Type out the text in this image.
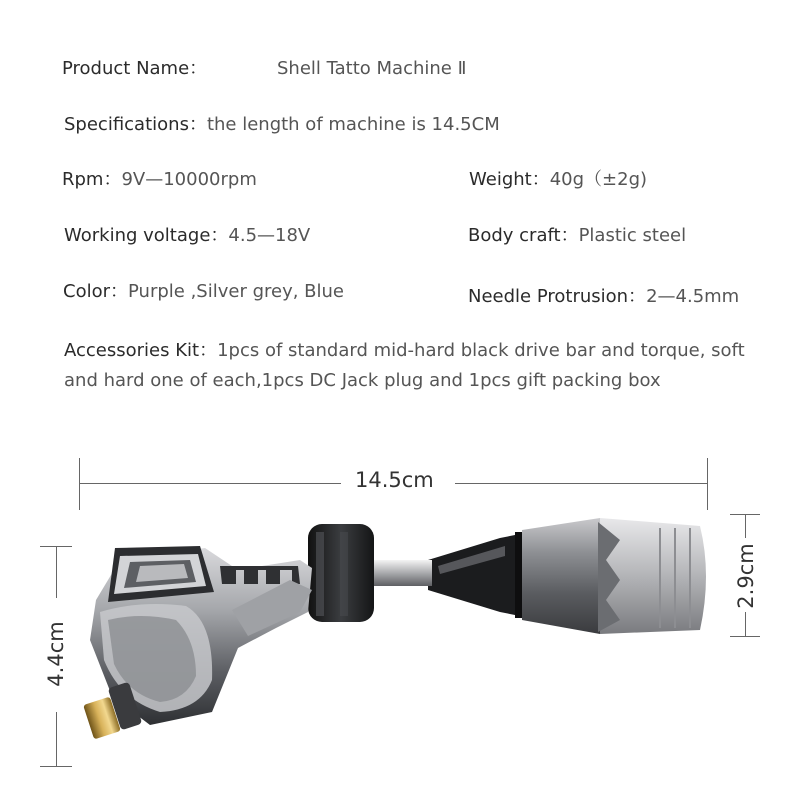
Product Name：	Shell Tatto Machine Ⅱ
Specifications：the length of machine is 14.5CM
Rpm：9V—10000rpm	Weight：40g（±2g)
Working voltage：4.5—18V	Body craft：Plastic steel
Color：Purple ,Silver grey, Blue	Needle Protrusion：2—4.5mm
Accessories Kit：1pcs of standard mid-hard black drive bar and torque, soft and hard one of each,1pcs DC Jack plug and 1pcs gift packing box
14.5cm
4.4cm
2.9cm
